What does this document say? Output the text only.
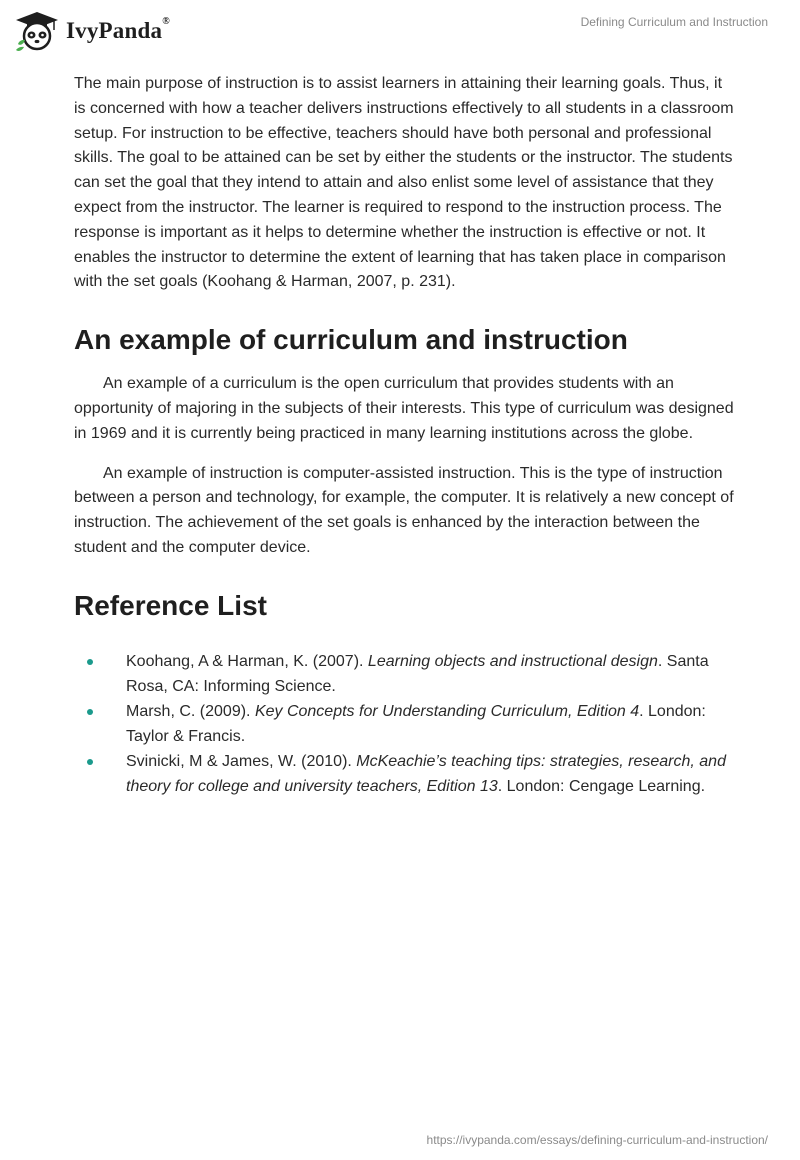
IvyPanda®	Defining Curriculum and Instruction

The main purpose of instruction is to assist learners in attaining their learning goals. Thus, it is concerned with how a teacher delivers instructions effectively to all students in a classroom setup. For instruction to be effective, teachers should have both personal and professional skills. The goal to be attained can be set by either the students or the instructor. The students can set the goal that they intend to attain and also enlist some level of assistance that they expect from the instructor. The learner is required to respond to the instruction process. The response is important as it helps to determine whether the instruction is effective or not. It enables the instructor to determine the extent of learning that has taken place in comparison with the set goals (Koohang & Harman, 2007, p. 231).

An example of curriculum and instruction

An example of a curriculum is the open curriculum that provides students with an opportunity of majoring in the subjects of their interests. This type of curriculum was designed in 1969 and it is currently being practiced in many learning institutions across the globe.

An example of instruction is computer-assisted instruction. This is the type of instruction between a person and technology, for example, the computer. It is relatively a new concept of instruction. The achievement of the set goals is enhanced by the interaction between the student and the computer device.

Reference List
Koohang, A & Harman, K. (2007). Learning objects and instructional design. Santa Rosa, CA: Informing Science.
Marsh, C. (2009). Key Concepts for Understanding Curriculum, Edition 4. London: Taylor & Francis.
Svinicki, M & James, W. (2010). McKeachie’s teaching tips: strategies, research, and theory for college and university teachers, Edition 13. London: Cengage Learning.
https://ivypanda.com/essays/defining-curriculum-and-instruction/
